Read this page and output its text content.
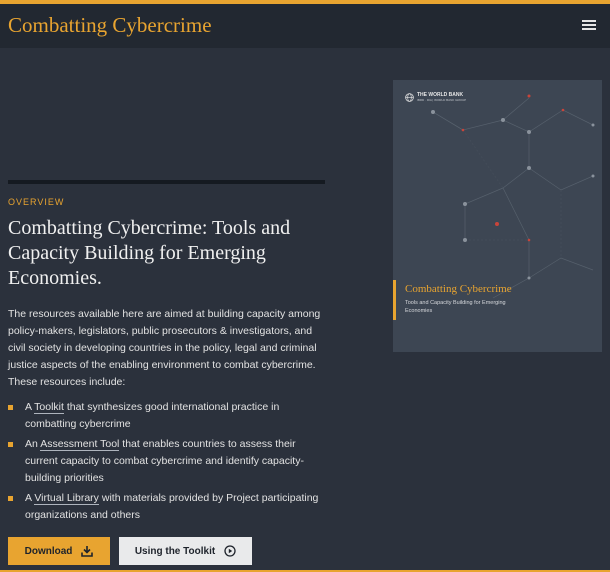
Combatting Cybercrime
OVERVIEW
Combatting Cybercrime: Tools and Capacity Building for Emerging Economies.

The resources available here are aimed at building capacity among policy-makers, legislators, public prosecutors & investigators, and civil society in developing countries in the policy, legal and criminal justice aspects of the enabling environment to combat cybercrime. These resources include:

A Toolkit that synthesizes good international practice in combatting cybercrime
An Assessment Tool that enables countries to assess their current capacity to combat cybercrime and identify capacity-building priorities
A Virtual Library with materials provided by Project participating organizations and others
Download	Using the Toolkit
THE WORLD BANK
IBRD · IDA | WORLD BANK GROUP
Combatting Cybercrime
Tools and Capacity Building for Emerging Economies
